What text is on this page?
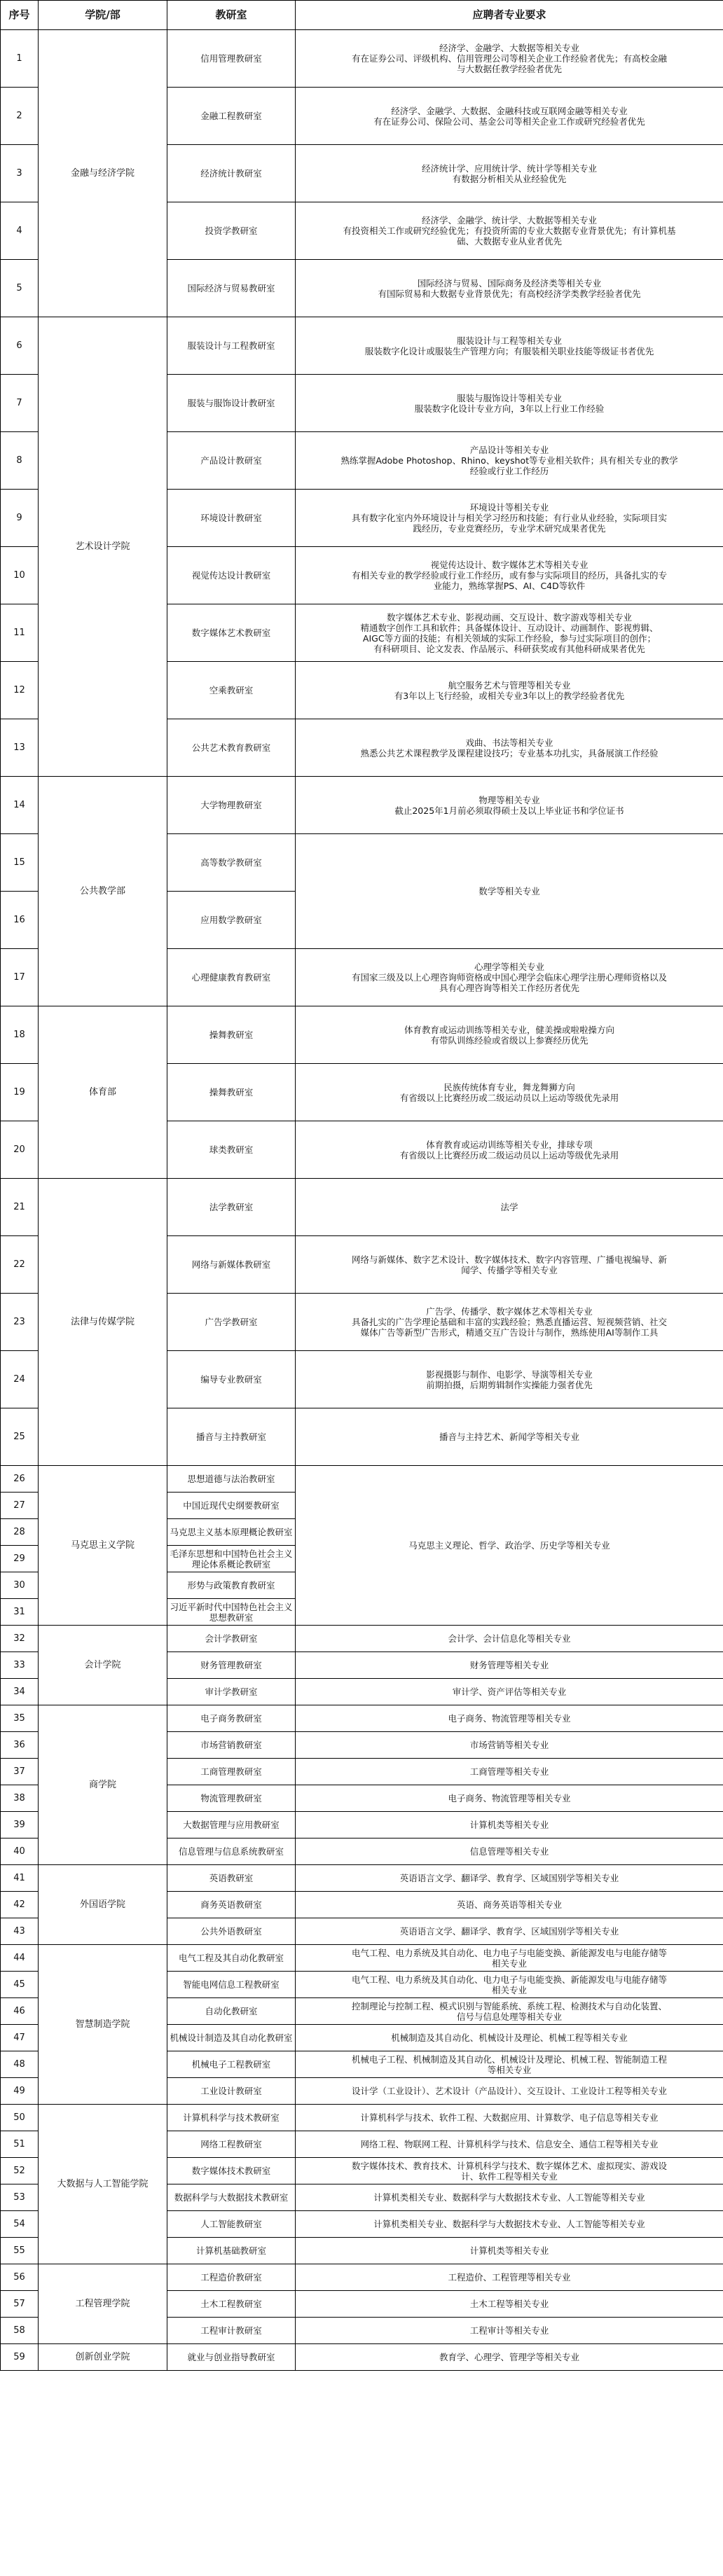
序号	学院/部	教研室	应聘者专业要求
1	金融与经济学院	信用管理教研室	经济学、金融学、大数据等相关专业
有在证券公司、评级机构、信用管理公司等相关企业工作经验者优先；有高校金融
与大数据任教学经验者优先

2		金融工程教研室	经济学、金融学、大数据、金融科技或互联网金融等相关专业
有在证券公司、保险公司、基金公司等相关企业工作或研究经验者优先

3		经济统计教研室	经济统计学、应用统计学、统计学等相关专业
有数据分析相关从业经验优先

4		投资学教研室	经济学、金融学、统计学、大数据等相关专业
有投资相关工作或研究经验优先；有投资所需的专业大数据专业背景优先；有计算机基
础、大数据专业从业者优先

5		国际经济与贸易教研室	国际经济与贸易、国际商务及经济类等相关专业
有国际贸易和大数据专业背景优先；有高校经济学类教学经验者优先

6	艺术设计学院	服装设计与工程教研室	服装设计与工程等相关专业
服装数字化设计或服装生产管理方向；有服装相关职业技能等级证书者优先

7		服装与服饰设计教研室	服装与服饰设计等相关专业
服装数字化设计专业方向，3年以上行业工作经验

8		产品设计教研室	产品设计等相关专业
熟练掌握Adobe Photoshop、Rhino、keyshot等专业相关软件；具有相关专业的教学
经验或行业工作经历

9		环境设计教研室	环境设计等相关专业
具有数字化室内外环境设计与相关学习经历和技能；有行业从业经验，实际项目实
践经历，专业竞赛经历，专业学术研究成果者优先

10		视觉传达设计教研室	视觉传达设计、数字媒体艺术等相关专业
有相关专业的教学经验或行业工作经历，或有参与实际项目的经历，具备扎实的专
业能力，熟练掌握PS、AI、C4D等软件

11		数字媒体艺术教研室	数字媒体艺术专业、影视动画、交互设计、数字游戏等相关专业
精通数字创作工具和软件；具备媒体设计、互动设计、动画制作、影视剪辑、
AIGC等方面的技能；有相关领域的实际工作经验，参与过实际项目的创作；
有科研项目、论文发表、作品展示、科研获奖或有其他科研成果者优先

12		空乘教研室	航空服务艺术与管理等相关专业
有3年以上飞行经验，或相关专业3年以上的教学经验者优先

13		公共艺术教育教研室	戏曲、书法等相关专业
熟悉公共艺术课程教学及课程建设技巧；专业基本功扎实，具备展演工作经验

14	公共教学部	大学物理教研室	物理等相关专业
截止2025年1月前必须取得硕士及以上毕业证书和学位证书

15		高等数学教研室	数学等相关专业

16		应用数学教研室	
17		心理健康教育教研室	心理学等相关专业
有国家三级及以上心理咨询师资格或中国心理学会临床心理学注册心理师资格以及
具有心理咨询等相关工作经历者优先

18	体育部	操舞教研室	体育教育或运动训练等相关专业，健美操或啦啦操方向
有带队训练经验或省级以上参赛经历优先

19		操舞教研室	民族传统体育专业，舞龙舞狮方向
有省级以上比赛经历或二级运动员以上运动等级优先录用

20		球类教研室	体育教育或运动训练等相关专业，排球专项
有省级以上比赛经历或二级运动员以上运动等级优先录用

21	法律与传媒学院	法学教研室	法学

22		网络与新媒体教研室	网络与新媒体、数字艺术设计、数字媒体技术、数字内容管理、广播电视编导、新
闻学、传播学等相关专业

23		广告学教研室	广告学、传播学、数字媒体艺术等相关专业
具备扎实的广告学理论基础和丰富的实践经验；熟悉直播运营、短视频营销、社交
媒体广告等新型广告形式，精通交互广告设计与制作，熟练使用AI等制作工具

24		编导专业教研室	影视摄影与制作、电影学、导演等相关专业
前期拍摄，后期剪辑制作实操能力强者优先

25		播音与主持教研室	播音与主持艺术、新闻学等相关专业

26	马克思主义学院	思想道德与法治教研室	马克思主义理论、哲学、政治学、历史学等相关专业

27		中国近现代史纲要教研室	
28		马克思主义基本原理概论教研室	
29		毛泽东思想和中国特色社会主义理论体系概论教研室	
30		形势与政策教育教研室	
31		习近平新时代中国特色社会主义思想教研室	
32	会计学院	会计学教研室	会计学、会计信息化等相关专业

33		财务管理教研室	财务管理等相关专业

34		审计学教研室	审计学、资产评估等相关专业

35	商学院	电子商务教研室	电子商务、物流管理等相关专业

36		市场营销教研室	市场营销等相关专业

37		工商管理教研室	工商管理等相关专业

38		物流管理教研室	电子商务、物流管理等相关专业

39		大数据管理与应用教研室	计算机类等相关专业

40		信息管理与信息系统教研室	信息管理等相关专业

41	外国语学院	英语教研室	英语语言文学、翻译学、教育学、区域国别学等相关专业

42		商务英语教研室	英语、商务英语等相关专业

43		公共外语教研室	英语语言文学、翻译学、教育学、区域国别学等相关专业

44	智慧制造学院	电气工程及其自动化教研室	电气工程、电力系统及其自动化、电力电子与电能变换、新能源发电与电能存储等
相关专业

45		智能电网信息工程教研室	电气工程、电力系统及其自动化、电力电子与电能变换、新能源发电与电能存储等
相关专业

46		自动化教研室	控制理论与控制工程、模式识别与智能系统、系统工程、检测技术与自动化装置、
信号与信息处理等相关专业

47		机械设计制造及其自动化教研室	机械制造及其自动化、机械设计及理论、机械工程等相关专业

48		机械电子工程教研室	机械电子工程、机械制造及其自动化、机械设计及理论、机械工程、智能制造工程
等相关专业

49		工业设计教研室	设计学（工业设计）、艺术设计（产品设计）、交互设计、工业设计工程等相关专业

50	大数据与人工智能学院	计算机科学与技术教研室	计算机科学与技术、软件工程、大数据应用、计算数学、电子信息等相关专业

51		网络工程教研室	网络工程、物联网工程、计算机科学与技术、信息安全、通信工程等相关专业

52		数字媒体技术教研室	数字媒体技术、教育技术、计算机科学与技术、数字媒体艺术、虚拟现实、游戏设
计、软件工程等相关专业

53		数据科学与大数据技术教研室	计算机类相关专业、数据科学与大数据技术专业、人工智能等相关专业

54		人工智能教研室	计算机类相关专业、数据科学与大数据技术专业、人工智能等相关专业

55		计算机基础教研室	计算机类等相关专业

56	工程管理学院	工程造价教研室	工程造价、工程管理等相关专业

57		土木工程教研室	土木工程等相关专业

58		工程审计教研室	工程审计等相关专业

59	创新创业学院	就业与创业指导教研室	教育学、心理学、管理学等相关专业
